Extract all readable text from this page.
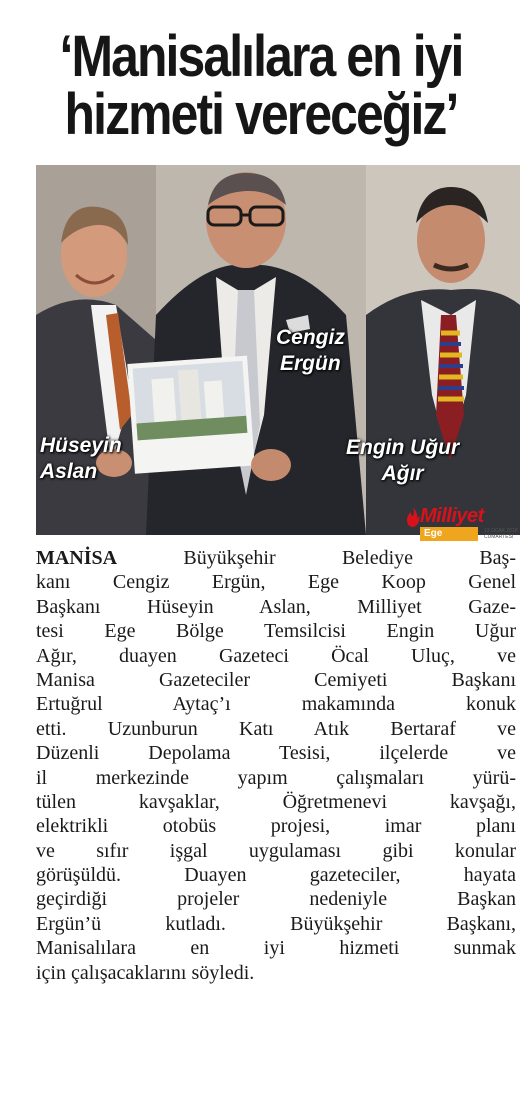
‘Manisalılara en iyi
hizmeti vereceğiz’
Hüseyin
Aslan
Cengiz
Ergün
Engin Uğur
Ağır
Milliyet
Ege	13 OCAK 2018
CUMARTESİ
MANİSA Büyükşehir Belediye Baş-
kanı Cengiz Ergün, Ege Koop Genel
Başkanı Hüseyin Aslan, Milliyet Gaze-
tesi Ege Bölge Temsilcisi Engin Uğur
Ağır, duayen Gazeteci Öcal Uluç, ve
Manisa Gazeteciler Cemiyeti Başkanı
Ertuğrul Aytaç’ı makamında konuk
etti. Uzunburun Katı Atık Bertaraf ve
Düzenli Depolama Tesisi, ilçelerde ve
il merkezinde yapım çalışmaları yürü-
tülen kavşaklar, Öğretmenevi kavşağı,
elektrikli otobüs projesi, imar planı
ve sıfır işgal uygulaması gibi konular
görüşüldü. Duayen gazeteciler, hayata
geçirdiği projeler nedeniyle Başkan
Ergün’ü kutladı. Büyükşehir Başkanı,
Manisalılara en iyi hizmeti sunmak
için çalışacaklarını söyledi.
